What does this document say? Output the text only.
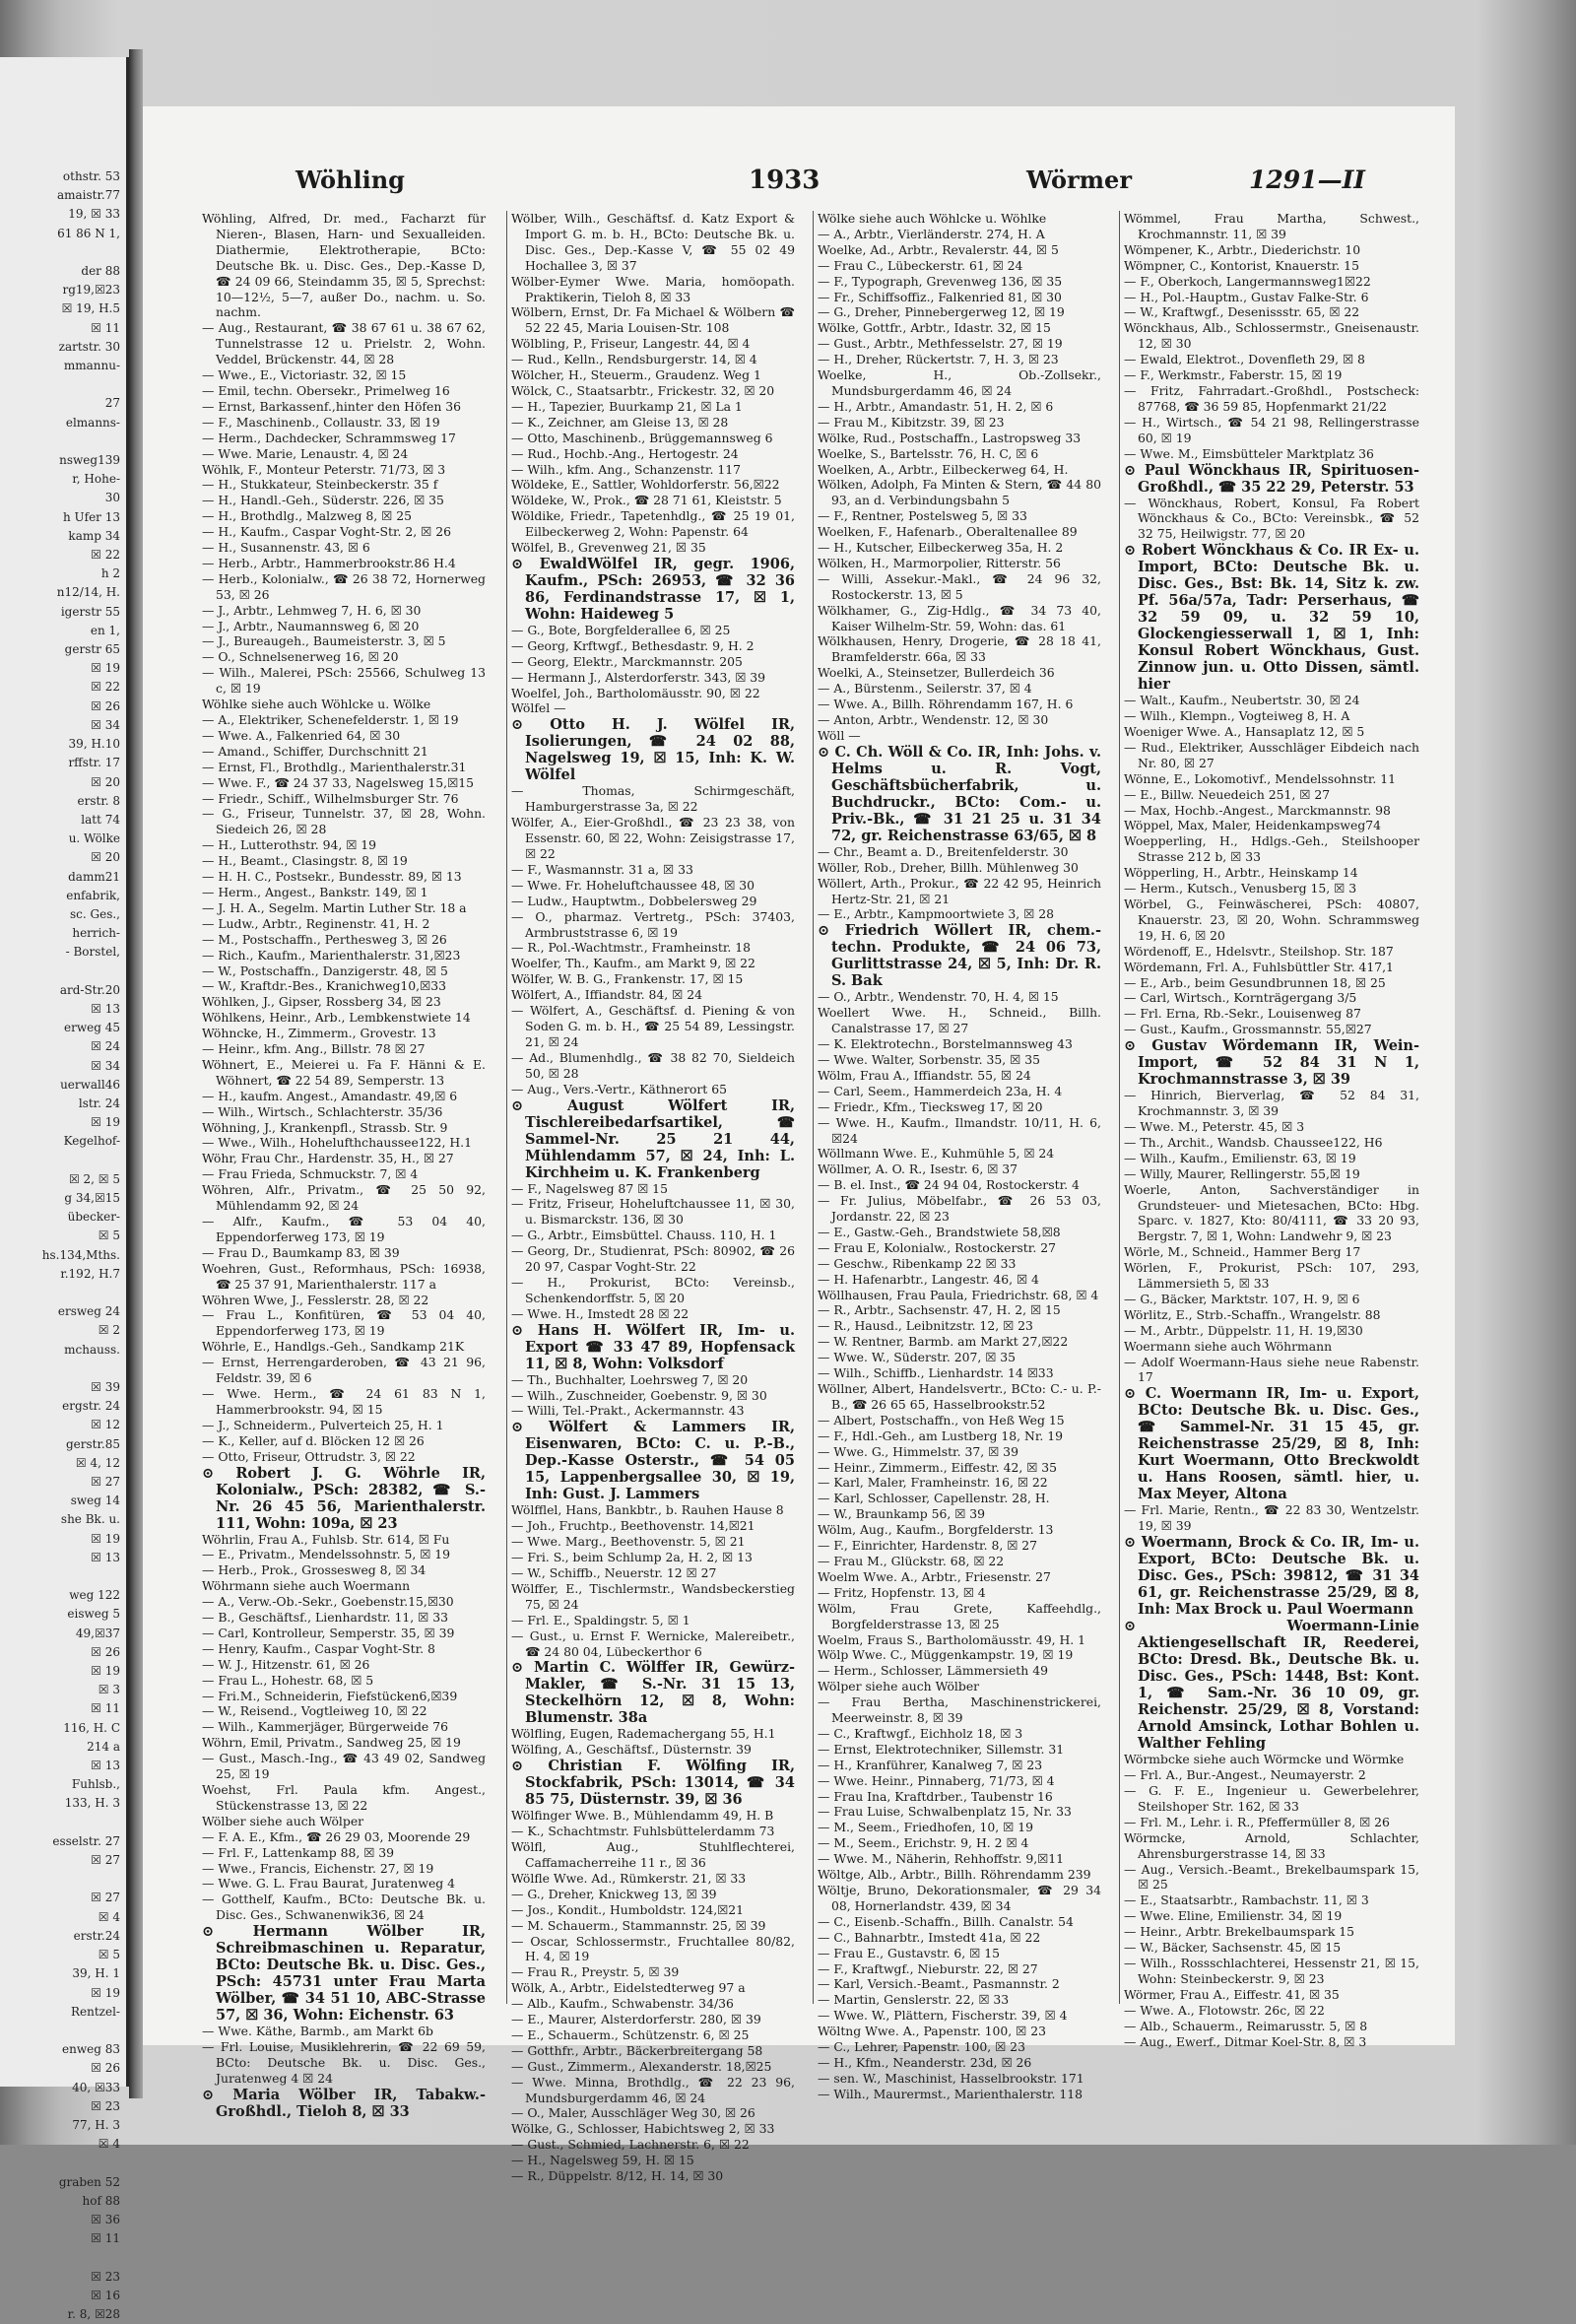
othstr. 53
amaistr.77
19, ☒ 33
61 86 N 1,

der 88
rg19,☒23
☒ 19, H.5
☒ 11
zartstr. 30
mmannu-

27
elmanns-

nsweg139
r, Hohe-
30
h Ufer 13
kamp 34
☒ 22
h 2
n12/14, H.
igerstr 55
en 1,
gerstr 65
☒ 19
☒ 22
☒ 26
☒ 34
39, H.10
rffstr. 17
☒ 20
erstr. 8
latt 74
u. Wölke
☒ 20
damm21
enfabrik,
sc. Ges.,
herrich-
- Borstel,

ard-Str.20
☒ 13
erweg 45
☒ 24
☒ 34
uerwall46
lstr. 24
☒ 19
Kegelhof-

☒ 2, ☒ 5
g 34,☒15
übecker-
☒ 5
hs.134,Mths.
r.192, H.7

ersweg 24
☒ 2
mchauss.

☒ 39
ergstr. 24
☒ 12
gerstr.85
☒ 4, 12
☒ 27
sweg 14
she Bk. u.
☒ 19
☒ 13

weg 122
eisweg 5
49,☒37
☒ 26
☒ 19
☒ 3
☒ 11
116, H. C
214 a
☒ 13
Fuhlsb.,
133, H. 3

esselstr. 27
☒ 27

☒ 27
☒ 4
erstr.24
☒ 5
39, H. 1
☒ 19
Rentzel-

enweg 83
☒ 26
40, ☒33
☒ 23
77, H. 3
☒ 4

graben 52
hof 88
☒ 36
☒ 11

☒ 23
☒ 16
r. 8, ☒28
Wöhling	1933	Wörmer	1291—II

Wöhling, Alfred, Dr. med., Facharzt für Nieren-, Blasen, Harn- und Sexualleiden. Diathermie, Elektrotherapie, BCto: Deutsche Bk. u. Disc. Ges., Dep.-Kasse D, ☎ 24 09 66, Steindamm 35, ☒ 5, Sprechst: 10—12½, 5—7, außer Do., nachm. u. So. nachm.

— Aug., Restaurant, ☎ 38 67 61 u. 38 67 62, Tunnelstrasse 12 u. Prielstr. 2, Wohn. Veddel, Brückenstr. 44, ☒ 28

— Wwe., E., Victoriastr. 32, ☒ 15

— Emil, techn. Obersekr., Primelweg 16

— Ernst, Barkassenf.,hinter den Höfen 36

— F., Maschinenb., Collaustr. 33, ☒ 19

— Herm., Dachdecker, Schrammsweg 17

— Wwe. Marie, Lenaustr. 4, ☒ 24

Wöhlk, F., Monteur Peterstr. 71/73, ☒ 3

— H., Stukkateur, Steinbeckerstr. 35 f

— H., Handl.-Geh., Süderstr. 226, ☒ 35

— H., Brothdlg., Malzweg 8, ☒ 25

— H., Kaufm., Caspar Voght-Str. 2, ☒ 26

— H., Susannenstr. 43, ☒ 6

— Herb., Arbtr., Hammerbrookstr.86 H.4

— Herb., Kolonialw., ☎ 26 38 72, Hornerweg 53, ☒ 26

— J., Arbtr., Lehmweg 7, H. 6, ☒ 30

— J., Arbtr., Naumannsweg 6, ☒ 20

— J., Bureaugeh., Baumeisterstr. 3, ☒ 5

— O., Schnelsenerweg 16, ☒ 20

— Wilh., Malerei, PSch: 25566, Schulweg 13 c, ☒ 19

Wöhlke siehe auch Wöhlcke u. Wölke

— A., Elektriker, Schenefelderstr. 1, ☒ 19

— Wwe. A., Falkenried 64, ☒ 30

— Amand., Schiffer, Durchschnitt 21

— Ernst, Fl., Brothdlg., Marienthalerstr.31

— Wwe. F., ☎ 24 37 33, Nagelsweg 15,☒15

— Friedr., Schiff., Wilhelmsburger Str. 76

— G., Friseur, Tunnelstr. 37, ☒ 28, Wohn. Siedeich 26, ☒ 28

— H., Lutterothstr. 94, ☒ 19

— H., Beamt., Clasingstr. 8, ☒ 19

— H. H. C., Postsekr., Bundesstr. 89, ☒ 13

— Herm., Angest., Bankstr. 149, ☒ 1

— J. H. A., Segelm. Martin Luther Str. 18 a

— Ludw., Arbtr., Reginenstr. 41, H. 2

— M., Postschaffn., Perthesweg 3, ☒ 26

— Rich., Kaufm., Marienthalerstr. 31,☒23

— W., Postschaffn., Danzigerstr. 48, ☒ 5

— W., Kraftdr.-Bes., Kranichweg10,☒33

Wöhlken, J., Gipser, Rossberg 34, ☒ 23

Wöhlkens, Heinr., Arb., Lembkenstwiete 14

Wöhncke, H., Zimmerm., Grovestr. 13

— Heinr., kfm. Ang., Billstr. 78 ☒ 27

Wöhnert, E., Meierei u. Fa F. Hänni & E. Wöhnert, ☎ 22 54 89, Semperstr. 13

— H., kaufm. Angest., Amandastr. 49,☒ 6

— Wilh., Wirtsch., Schlachterstr. 35/36

Wöhning, J., Krankenpfl., Strassb. Str. 9

— Wwe., Wilh., Hohelufthchaussee122, H.1

Wöhr, Frau Chr., Hardenstr. 35, H., ☒ 27

— Frau Frieda, Schmuckstr. 7, ☒ 4

Wöhren, Alfr., Privatm., ☎ 25 50 92, Mühlendamm 92, ☒ 24

— Alfr., Kaufm., ☎ 53 04 40, Eppendorferweg 173, ☒ 19

— Frau D., Baumkamp 83, ☒ 39

Woehren, Gust., Reformhaus, PSch: 16938, ☎ 25 37 91, Marienthalerstr. 117 a

Wöhren Wwe, J., Fesslerstr. 28, ☒ 22

— Frau L., Konfitüren, ☎ 53 04 40, Eppendorferweg 173, ☒ 19

Wöhrle, E., Handlgs.-Geh., Sandkamp 21K

— Ernst, Herrengarderoben, ☎ 43 21 96, Feldstr. 39, ☒ 6

— Wwe. Herm., ☎ 24 61 83 N 1, Hammerbrookstr. 94, ☒ 15

— J., Schneiderm., Pulverteich 25, H. 1

— K., Keller, auf d. Blöcken 12 ☒ 26

— Otto, Friseur, Ottrudstr. 3, ☒ 22

⊙ Robert J. G. Wöhrle IR, Kolonialw., PSch: 28382, ☎ S.-Nr. 26 45 56, Marienthalerstr. 111, Wohn: 109a, ☒ 23

Wöhrlin, Frau A., Fuhlsb. Str. 614, ☒ Fu

— E., Privatm., Mendelssohnstr. 5, ☒ 19

— Herb., Prok., Grossesweg 8, ☒ 34

Wöhrmann siehe auch Woermann

— A., Verw.-Ob.-Sekr., Goebenstr.15,☒30

— B., Geschäftsf., Lienhardstr. 11, ☒ 33

— Carl, Kontrolleur, Semperstr. 35, ☒ 39

— Henry, Kaufm., Caspar Voght-Str. 8

— W. J., Hitzenstr. 61, ☒ 26

— Frau L., Hohestr. 68, ☒ 5

— Fri.M., Schneiderin, Fiefstücken6,☒39

— W., Reisend., Vogtleiweg 10, ☒ 22

— Wilh., Kammerjäger, Bürgerweide 76

Wöhrn, Emil, Privatm., Sandweg 25, ☒ 19

— Gust., Masch.-Ing., ☎ 43 49 02, Sandweg 25, ☒ 19

Woehst, Frl. Paula kfm. Angest., Stückenstrasse 13, ☒ 22

Wölber siehe auch Wölper

— F. A. E., Kfm., ☎ 26 29 03, Moorende 29

— Frl. F., Lattenkamp 88, ☒ 39

— Wwe., Francis, Eichenstr. 27, ☒ 19

— Wwe. G. L. Frau Baurat, Juratenweg 4

— Gotthelf, Kaufm., BCto: Deutsche Bk. u. Disc. Ges., Schwanenwik36, ☒ 24

⊙ Hermann Wölber IR, Schreibmaschinen u. Reparatur, BCto: Deutsche Bk. u. Disc. Ges., PSch: 45731 unter Frau Marta Wölber, ☎ 34 51 10, ABC-Strasse 57, ☒ 36, Wohn: Eichenstr. 63

— Wwe. Käthe, Barmb., am Markt 6b

— Frl. Louise, Musiklehrerin, ☎ 22 69 59, BCto: Deutsche Bk. u. Disc. Ges., Juratenweg 4 ☒ 24

⊙ Maria Wölber IR, Tabakw.-Großhdl., Tieloh 8, ☒ 33

Wölber, Wilh., Geschäftsf. d. Katz Export & Import G. m. b. H., BCto: Deutsche Bk. u. Disc. Ges., Dep.-Kasse V, ☎ 55 02 49 Hochallee 3, ☒ 37

Wölber-Eymer Wwe. Maria, homöopath. Praktikerin, Tieloh 8, ☒ 33

Wölbern, Ernst, Dr. Fa Michael & Wölbern ☎ 52 22 45, Maria Louisen-Str. 108

Wölbling, P., Friseur, Langestr. 44, ☒ 4

— Rud., Kelln., Rendsburgerstr. 14, ☒ 4

Wölcher, H., Steuerm., Graudenz. Weg 1

Wölck, C., Staatsarbtr., Frickestr. 32, ☒ 20

— H., Tapezier, Buurkamp 21, ☒ La 1

— K., Zeichner, am Gleise 13, ☒ 28

— Otto, Maschinenb., Brüggemannsweg 6

— Rud., Hochb.-Ang., Hertogestr. 24

— Wilh., kfm. Ang., Schanzenstr. 117

Wöldeke, E., Sattler, Wohldorferstr. 56,☒22

Wöldeke, W., Prok., ☎ 28 71 61, Kleiststr. 5

Wöldike, Friedr., Tapetenhdlg., ☎ 25 19 01, Eilbeckerweg 2, Wohn: Papenstr. 64

Wölfel, B., Grevenweg 21, ☒ 35

⊙ EwaldWölfel IR, gegr. 1906, Kaufm., PSch: 26953, ☎ 32 36 86, Ferdinandstrasse 17, ☒ 1, Wohn: Haideweg 5

— G., Bote, Borgfelderallee 6, ☒ 25

— Georg, Krftwgf., Bethesdastr. 9, H. 2

— Georg, Elektr., Marckmannstr. 205

— Hermann J., Alsterdorferstr. 343, ☒ 39

Woelfel, Joh., Bartholomäusstr. 90, ☒ 22

Wölfel —

⊙ Otto H. J. Wölfel IR, Isolierungen, ☎ 24 02 88, Nagelsweg 19, ☒ 15, Inh: K. W. Wölfel

— Thomas, Schirmgeschäft, Hamburgerstrasse 3a, ☒ 22

Wölfer, A., Eier-Großhdl., ☎ 23 23 38, von Essenstr. 60, ☒ 22, Wohn: Zeisigstrasse 17, ☒ 22

— F., Wasmannstr. 31 a, ☒ 33

— Wwe. Fr. Hoheluftchaussee 48, ☒ 30

— Ludw., Hauptwtm., Dobbelersweg 29

— O., pharmaz. Vertretg., PSch: 37403, Armbruststrasse 6, ☒ 19

— R., Pol.-Wachtmstr., Framheinstr. 18

Woelfer, Th., Kaufm., am Markt 9, ☒ 22

Wölfer, W. B. G., Frankenstr. 17, ☒ 15

Wölfert, A., Iffiandstr. 84, ☒ 24

— Wölfert, A., Geschäftsf. d. Piening & von Soden G. m. b. H., ☎ 25 54 89, Lessingstr. 21, ☒ 24

— Ad., Blumenhdlg., ☎ 38 82 70, Sieldeich 50, ☒ 28

— Aug., Vers.-Vertr., Käthnerort 65

⊙ August Wölfert IR, Tischlereibedarfsartikel, ☎ Sammel-Nr. 25 21 44, Mühlendamm 57, ☒ 24, Inh: L. Kirchheim u. K. Frankenberg

— F., Nagelsweg 87 ☒ 15

— Fritz, Friseur, Hoheluftchaussee 11, ☒ 30, u. Bismarckstr. 136, ☒ 30

— G., Arbtr., Eimsbüttel. Chauss. 110, H. 1

— Georg, Dr., Studienrat, PSch: 80902, ☎ 26 20 97, Caspar Voght-Str. 22

— H., Prokurist, BCto: Vereinsb., Schenkendorffstr. 5, ☒ 20

— Wwe. H., Imstedt 28 ☒ 22

⊙ Hans H. Wölfert IR, Im- u. Export ☎ 33 47 89, Hopfensack 11, ☒ 8, Wohn: Volksdorf

— Th., Buchhalter, Loehrsweg 7, ☒ 20

— Wilh., Zuschneider, Goebenstr. 9, ☒ 30

— Willi, Tel.-Prakt., Ackermannstr. 43

⊙ Wölfert & Lammers IR, Eisenwaren, BCto: C. u. P.-B., Dep.-Kasse Osterstr., ☎ 54 05 15, Lappenbergsallee 30, ☒ 19, Inh: Gust. J. Lammers

Wölfflel, Hans, Bankbtr., b. Rauhen Hause 8

— Joh., Fruchtp., Beethovenstr. 14,☒21

— Wwe. Marg., Beethovenstr. 5, ☒ 21

— Fri. S., beim Schlump 2a, H. 2, ☒ 13

— W., Schiffb., Neuerstr. 12 ☒ 27

Wölffer, E., Tischlermstr., Wandsbeckerstieg 75, ☒ 24

— Frl. E., Spaldingstr. 5, ☒ 1

— Gust., u. Ernst F. Wernicke, Malereibetr., ☎ 24 80 04, Lübeckerthor 6

⊙ Martin C. Wölffer IR, Gewürz-Makler, ☎ S.-Nr. 31 15 13, Steckelhörn 12, ☒ 8, Wohn: Blumenstr. 38a

Wölfling, Eugen, Rademachergang 55, H.1

Wölfing, A., Geschäftsf., Düsternstr. 39

⊙ Christian F. Wölfing IR, Stockfabrik, PSch: 13014, ☎ 34 85 75, Düsternstr. 39, ☒ 36

Wölfinger Wwe. B., Mühlendamm 49, H. B

— K., Schachtmstr. Fuhlsbüttelerdamm 73

Wölfl, Aug., Stuhlflechterei, Caffamacherreihe 11 r., ☒ 36

Wölfle Wwe. Ad., Rümkerstr. 21, ☒ 33

— G., Dreher, Knickweg 13, ☒ 39

— Jos., Kondit., Humboldstr. 124,☒21

— M. Schauerm., Stammannstr. 25, ☒ 39

— Oscar, Schlossermstr., Fruchtallee 80/82, H. 4, ☒ 19

— Frau R., Preystr. 5, ☒ 39

Wölk, A., Arbtr., Eidelstedterweg 97 a

— Alb., Kaufm., Schwabenstr. 34/36

— E., Maurer, Alsterdorferstr. 280, ☒ 39

— E., Schauerm., Schützenstr. 6, ☒ 25

— Gotthfr., Arbtr., Bäckerbreitergang 58

— Gust., Zimmerm., Alexanderstr. 18,☒25

— Wwe. Minna, Brothdlg., ☎ 22 23 96, Mundsburgerdamm 46, ☒ 24

— O., Maler, Ausschläger Weg 30, ☒ 26

Wölke, G., Schlosser, Habichtsweg 2, ☒ 33

— Gust., Schmied, Lachnerstr. 6, ☒ 22

— H., Nagelsweg 59, H. ☒ 15

— R., Düppelstr. 8/12, H. 14, ☒ 30

Wölke siehe auch Wöhlcke u. Wöhlke

— A., Arbtr., Vierländerstr. 274, H. A

Woelke, Ad., Arbtr., Revalerstr. 44, ☒ 5

— Frau C., Lübeckerstr. 61, ☒ 24

— F., Typograph, Grevenweg 136, ☒ 35

— Fr., Schiffsoffiz., Falkenried 81, ☒ 30

— G., Dreher, Pinnebergerweg 12, ☒ 19

Wölke, Gottfr., Arbtr., Idastr. 32, ☒ 15

— Gust., Arbtr., Methfesselstr. 27, ☒ 19

— H., Dreher, Rückertstr. 7, H. 3, ☒ 23

Woelke, H., Ob.-Zollsekr., Mundsburgerdamm 46, ☒ 24

— H., Arbtr., Amandastr. 51, H. 2, ☒ 6

— Frau M., Kibitzstr. 39, ☒ 23

Wölke, Rud., Postschaffn., Lastropsweg 33

Woelke, S., Bartelsstr. 76, H. C, ☒ 6

Woelken, A., Arbtr., Eilbeckerweg 64, H.

Wölken, Adolph, Fa Minten & Stern, ☎ 44 80 93, an d. Verbindungsbahn 5

— F., Rentner, Postelsweg 5, ☒ 33

Woelken, F., Hafenarb., Oberaltenallee 89

— H., Kutscher, Eilbeckerweg 35a, H. 2

Wölken, H., Marmorpolier, Ritterstr. 56

— Willi, Assekur.-Makl., ☎ 24 96 32, Rostockerstr. 13, ☒ 5

Wölkhamer, G., Zig-Hdlg., ☎ 34 73 40, Kaiser Wilhelm-Str. 59, Wohn: das. 61

Wölkhausen, Henry, Drogerie, ☎ 28 18 41, Bramfelderstr. 66a, ☒ 33

Woelki, A., Steinsetzer, Bullerdeich 36

— A., Bürstenm., Seilerstr. 37, ☒ 4

— Wwe. A., Billh. Röhrendamm 167, H. 6

— Anton, Arbtr., Wendenstr. 12, ☒ 30

Wöll —

⊙ C. Ch. Wöll & Co. IR, Inh: Johs. v. Helms u. R. Vogt, Geschäftsbücherfabrik, u. Buchdruckr., BCto: Com.- u. Priv.-Bk., ☎ 31 21 25 u. 31 34 72, gr. Reichenstrasse 63/65, ☒ 8

— Chr., Beamt a. D., Breitenfelderstr. 30

Wöller, Rob., Dreher, Billh. Mühlenweg 30

Wöllert, Arth., Prokur., ☎ 22 42 95, Heinrich Hertz-Str. 21, ☒ 21

— E., Arbtr., Kampmoortwiete 3, ☒ 28

⊙ Friedrich Wöllert IR, chem.-techn. Produkte, ☎ 24 06 73, Gurlittstrasse 24, ☒ 5, Inh: Dr. R. S. Bak

— O., Arbtr., Wendenstr. 70, H. 4, ☒ 15

Woellert Wwe. H., Schneid., Billh. Canalstrasse 17, ☒ 27

— K. Elektrotechn., Borstelmannsweg 43

— Wwe. Walter, Sorbenstr. 35, ☒ 35

Wölm, Frau A., Iffiandstr. 55, ☒ 24

— Carl, Seem., Hammerdeich 23a, H. 4

— Friedr., Kfm., Tiecksweg 17, ☒ 20

— Wwe. H., Kaufm., Ilmandstr. 10/11, H. 6, ☒24

Wöllmann Wwe. E., Kuhmühle 5, ☒ 24

Wöllmer, A. O. R., Isestr. 6, ☒ 37

— B. el. Inst., ☎ 24 94 04, Rostockerstr. 4

— Fr. Julius, Möbelfabr., ☎ 26 53 03, Jordanstr. 22, ☒ 23

— E., Gastw.-Geh., Brandstwiete 58,☒8

— Frau E, Kolonialw., Rostockerstr. 27

— Geschw., Ribenkamp 22 ☒ 33

— H. Hafenarbtr., Langestr. 46, ☒ 4

Wöllhausen, Frau Paula, Friedrichstr. 68, ☒ 4

— R., Arbtr., Sachsenstr. 47, H. 2, ☒ 15

— R., Hausd., Leibnitzstr. 12, ☒ 23

— W. Rentner, Barmb. am Markt 27,☒22

— Wwe. W., Süderstr. 207, ☒ 35

— Wilh., Schiffb., Lienhardstr. 14 ☒33

Wöllner, Albert, Handelsvertr., BCto: C.- u. P.-B., ☎ 26 65 65, Hasselbrookstr.52

— Albert, Postschaffn., von Heß Weg 15

— F., Hdl.-Geh., am Lustberg 18, Nr. 19

— Wwe. G., Himmelstr. 37, ☒ 39

— Heinr., Zimmerm., Eiffestr. 42, ☒ 35

— Karl, Maler, Framheinstr. 16, ☒ 22

— Karl, Schlosser, Capellenstr. 28, H.

— W., Braunkamp 56, ☒ 39

Wölm, Aug., Kaufm., Borgfelderstr. 13

— F., Einrichter, Hardenstr. 8, ☒ 27

— Frau M., Glückstr. 68, ☒ 22

Woelm Wwe. A., Arbtr., Friesenstr. 27

— Fritz, Hopfenstr. 13, ☒ 4

Wölm, Frau Grete, Kaffeehdlg., Borgfelderstrasse 13, ☒ 25

Woelm, Fraus S., Bartholomäusstr. 49, H. 1

Wölp Wwe. C., Müggenkampstr. 19, ☒ 19

— Herm., Schlosser, Lämmersieth 49

Wölper siehe auch Wölber

— Frau Bertha, Maschinenstrickerei, Meerweinstr. 8, ☒ 39

— C., Kraftwgf., Eichholz 18, ☒ 3

— Ernst, Elektrotechniker, Sillemstr. 31

— H., Kranführer, Kanalweg 7, ☒ 23

— Wwe. Heinr., Pinnaberg, 71/73, ☒ 4

— Frau Ina, Kraftdrber., Taubenstr 16

— Frau Luise, Schwalbenplatz 15, Nr. 33

— M., Seem., Friedhofen, 10, ☒ 19

— M., Seem., Erichstr. 9, H. 2 ☒ 4

— Wwe. M., Näherin, Rehhoffstr. 9,☒11

Wöltge, Alb., Arbtr., Billh. Röhrendamm 239

Wöltje, Bruno, Dekorationsmaler, ☎ 29 34 08, Hornerlandstr. 439, ☒ 34

— C., Eisenb.-Schaffn., Billh. Canalstr. 54

— C., Bahnarbtr., Imstedt 41a, ☒ 22

— Frau E., Gustavstr. 6, ☒ 15

— F., Kraftwgf., Nieburstr. 22, ☒ 27

— Karl, Versich.-Beamt., Pasmannstr. 2

— Martin, Genslerstr. 22, ☒ 33

— Wwe. W., Plättern, Fischerstr. 39, ☒ 4

Wöltng Wwe. A., Papenstr. 100, ☒ 23

— C., Lehrer, Papenstr. 100, ☒ 23

— H., Kfm., Neanderstr. 23d, ☒ 26

— sen. W., Maschinist, Hasselbrookstr. 171

— Wilh., Maurermst., Marienthalerstr. 118

Wömmel, Frau Martha, Schwest., Krochmannstr. 11, ☒ 39

Wömpener, K., Arbtr., Diederichstr. 10

Wömpner, C., Kontorist, Knauerstr. 15

— F., Oberkoch, Langermannsweg1☒22

— H., Pol.-Hauptm., Gustav Falke-Str. 6

— W., Kraftwgf., Desenissstr. 65, ☒ 22

Wönckhaus, Alb., Schlossermstr., Gneisenaustr. 12, ☒ 30

— Ewald, Elektrot., Dovenfleth 29, ☒ 8

— F., Werkmstr., Faberstr. 15, ☒ 19

— Fritz, Fahrradart.-Großhdl., Postscheck: 87768, ☎ 36 59 85, Hopfenmarkt 21/22

— H., Wirtsch., ☎ 54 21 98, Rellingerstrasse 60, ☒ 19

— Wwe. M., Eimsbütteler Marktplatz 36

⊙ Paul Wönckhaus IR, Spirituosen-Großhdl., ☎ 35 22 29, Peterstr. 53

— Wönckhaus, Robert, Konsul, Fa Robert Wönckhaus & Co., BCto: Vereinsbk., ☎ 52 32 75, Heilwigstr. 77, ☒ 20

⊙ Robert Wönckhaus & Co. IR Ex- u. Import, BCto: Deutsche Bk. u. Disc. Ges., Bst: Bk. 14, Sitz k. zw. Pf. 56a/57a, Tadr: Perserhaus, ☎ 32 59 09, u. 32 59 10, Glockengiesserwall 1, ☒ 1, Inh: Konsul Robert Wönckhaus, Gust. Zinnow jun. u. Otto Dissen, sämtl. hier

— Walt., Kaufm., Neubertstr. 30, ☒ 24

— Wilh., Klempn., Vogteiweg 8, H. A

Woeniger Wwe. A., Hansaplatz 12, ☒ 5

— Rud., Elektriker, Ausschläger Eibdeich nach Nr. 80, ☒ 27

Wönne, E., Lokomotivf., Mendelssohnstr. 11

— E., Billw. Neuedeich 251, ☒ 27

— Max, Hochb.-Angest., Marckmannstr. 98

Wöppel, Max, Maler, Heidenkampsweg74

Woepperling, H., Hdlgs.-Geh., Steilshooper Strasse 212 b, ☒ 33

Wöpperling, H., Arbtr., Heinskamp 14

— Herm., Kutsch., Venusberg 15, ☒ 3

Wörbel, G., Feinwäscherei, PSch: 40807, Knauerstr. 23, ☒ 20, Wohn. Schrammsweg 19, H. 6, ☒ 20

Wördenoff, E., Hdelsvtr., Steilshop. Str. 187

Wördemann, Frl. A., Fuhlsbüttler Str. 417,1

— E., Arb., beim Gesundbrunnen 18, ☒ 25

— Carl, Wirtsch., Kornträgergang 3/5

— Frl. Erna, Rb.-Sekr., Louisenweg 87

— Gust., Kaufm., Grossmannstr. 55,☒27

⊙ Gustav Wördemann IR, Wein-Import, ☎ 52 84 31 N 1, Krochmannstrasse 3, ☒ 39

— Hinrich, Bierverlag, ☎ 52 84 31, Krochmannstr. 3, ☒ 39

— Wwe. M., Peterstr. 45, ☒ 3

— Th., Archit., Wandsb. Chaussee122, H6

— Wilh., Kaufm., Emilienstr. 63, ☒ 19

— Willy, Maurer, Rellingerstr. 55,☒ 19

Woerle, Anton, Sachverständiger in Grundsteuer- und Mietesachen, BCto: Hbg. Sparc. v. 1827, Kto: 80/4111, ☎ 33 20 93, Bergstr. 7, ☒ 1, Wohn: Landwehr 9, ☒ 23

Wörle, M., Schneid., Hammer Berg 17

Wörlen, F., Prokurist, PSch: 107, 293, Lämmersieth 5, ☒ 33

— G., Bäcker, Marktstr. 107, H. 9, ☒ 6

Wörlitz, E., Strb.-Schaffn., Wrangelstr. 88

— M., Arbtr., Düppelstr. 11, H. 19,☒30

Woermann siehe auch Wöhrmann

— Adolf Woermann-Haus siehe neue Rabenstr. 17

⊙ C. Woermann IR, Im- u. Export, BCto: Deutsche Bk. u. Disc. Ges., ☎ Sammel-Nr. 31 15 45, gr. Reichenstrasse 25/29, ☒ 8, Inh: Kurt Woermann, Otto Breckwoldt u. Hans Roosen, sämtl. hier, u. Max Meyer, Altona

— Frl. Marie, Rentn., ☎ 22 83 30, Wentzelstr. 19, ☒ 39

⊙ Woermann, Brock & Co. IR, Im- u. Export, BCto: Deutsche Bk. u. Disc. Ges., PSch: 39812, ☎ 31 34 61, gr. Reichenstrasse 25/29, ☒ 8, Inh: Max Brock u. Paul Woermann

⊙ Woermann-Linie Aktiengesellschaft IR, Reederei, BCto: Dresd. Bk., Deutsche Bk. u. Disc. Ges., PSch: 1448, Bst: Kont. 1, ☎ Sam.-Nr. 36 10 09, gr. Reichenstr. 25/29, ☒ 8, Vorstand: Arnold Amsinck, Lothar Bohlen u. Walther Fehling

Wörmbcke siehe auch Wörmcke und Wörmke

— Frl. A., Bur.-Angest., Neumayerstr. 2

— G. F. E., Ingenieur u. Gewerbelehrer, Steilshoper Str. 162, ☒ 33

— Frl. M., Lehr. i. R., Pfeffermüller 8, ☒ 26

Wörmcke, Arnold, Schlachter, Ahrensburgerstrasse 14, ☒ 33

— Aug., Versich.-Beamt., Brekelbaumspark 15, ☒ 25

— E., Staatsarbtr., Rambachstr. 11, ☒ 3

— Wwe. Eline, Emilienstr. 34, ☒ 19

— Heinr., Arbtr. Brekelbaumspark 15

— W., Bäcker, Sachsenstr. 45, ☒ 15

— Wilh., Rossschlachterei, Hessenstr 21, ☒ 15, Wohn: Steinbeckerstr. 9, ☒ 23

Wörmer, Frau A., Eiffestr. 41, ☒ 35

— Wwe. A., Flotowstr. 26c, ☒ 22

— Alb., Schauerm., Reimarusstr. 5, ☒ 8

— Aug., Ewerf., Ditmar Koel-Str. 8, ☒ 3
